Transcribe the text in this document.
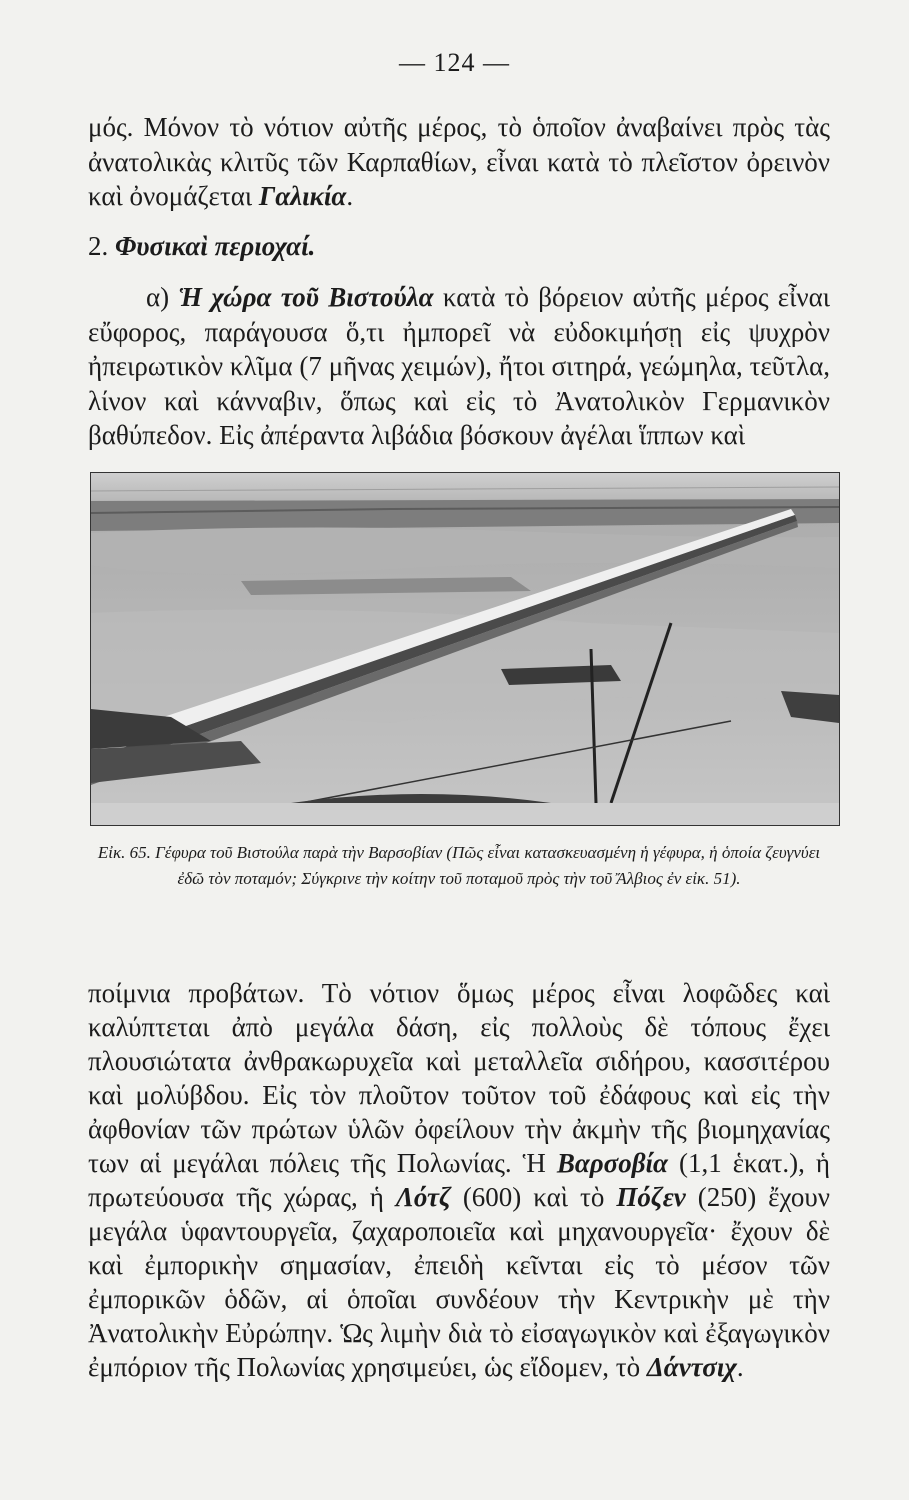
— 124 —

μός. Μόνον τὸ νότιον αὐτῆς μέρος, τὸ ὁποῖον ἀναβαίνει πρὸς τὰς ἀνατολικὰς κλιτῦς τῶν Καρπαθίων, εἶναι κατὰ τὸ πλεῖστον ὀρεινὸν καὶ ὀνομάζεται Γαλικία.

2. Φυσικαὶ περιοχαί.

α) Ἡ χώρα τοῦ Βιστούλα κατὰ τὸ βόρειον αὐτῆς μέρος εἶναι εὔφορος, παράγουσα ὅ,τι ἠμπορεῖ νὰ εὐδοκιμήσῃ εἰς ψυχρὸν ἠπειρωτικὸν κλῖμα (7 μῆνας χειμών), ἤτοι σιτηρά, γεώμηλα, τεῦτλα, λίνον καὶ κάνναβιν, ὅπως καὶ εἰς τὸ Ἀνατολικὸν Γερμανικὸν βαθύπεδον. Εἰς ἀπέραντα λιβάδια βόσκουν ἀγέλαι ἵππων καὶ

Εἰκ. 65. Γέφυρα τοῦ Βιστούλα παρὰ τὴν Βαρσοβίαν (Πῶς εἶναι κατασκευασμένη ἡ γέφυρα, ἡ ὁποία ζευγνύει ἐδῶ τὸν ποταμόν; Σύγκρινε τὴν κοίτην τοῦ ποταμοῦ πρὸς τὴν τοῦ Ἄλβιος ἐν εἰκ. 51).

ποίμνια προβάτων. Τὸ νότιον ὅμως μέρος εἶναι λοφῶδες καὶ καλύπτεται ἀπὸ μεγάλα δάση, εἰς πολλοὺς δὲ τόπους ἔχει πλουσιώτατα ἀνθρακωρυχεῖα καὶ μεταλλεῖα σιδήρου, κασσιτέρου καὶ μολύβδου. Εἰς τὸν πλοῦτον τοῦτον τοῦ ἐδάφους καὶ εἰς τὴν ἀφθονίαν τῶν πρώτων ὑλῶν ὀφείλουν τὴν ἀκμὴν τῆς βιομηχανίας των αἱ μεγάλαι πόλεις τῆς Πολωνίας. Ἡ Βαρσοβία (1,1 ἑκατ.), ἡ πρωτεύουσα τῆς χώρας, ἡ Λότζ (600) καὶ τὸ Πόζεν (250) ἔχουν μεγάλα ὑφαντουργεῖα, ζαχαροποιεῖα καὶ μηχανουργεῖα· ἔχουν δὲ καὶ ἐμπορικὴν σημασίαν, ἐπειδὴ κεῖνται εἰς τὸ μέσον τῶν ἐμπορικῶν ὁδῶν, αἱ ὁποῖαι συνδέουν τὴν Κεντρικὴν μὲ τὴν Ἀνατολικὴν Εὐρώπην. Ὡς λιμὴν διὰ τὸ εἰσαγωγικὸν καὶ ἐξαγωγικὸν ἐμπόριον τῆς Πολωνίας χρησιμεύει, ὡς εἴδομεν, τὸ Δάντσιχ.
